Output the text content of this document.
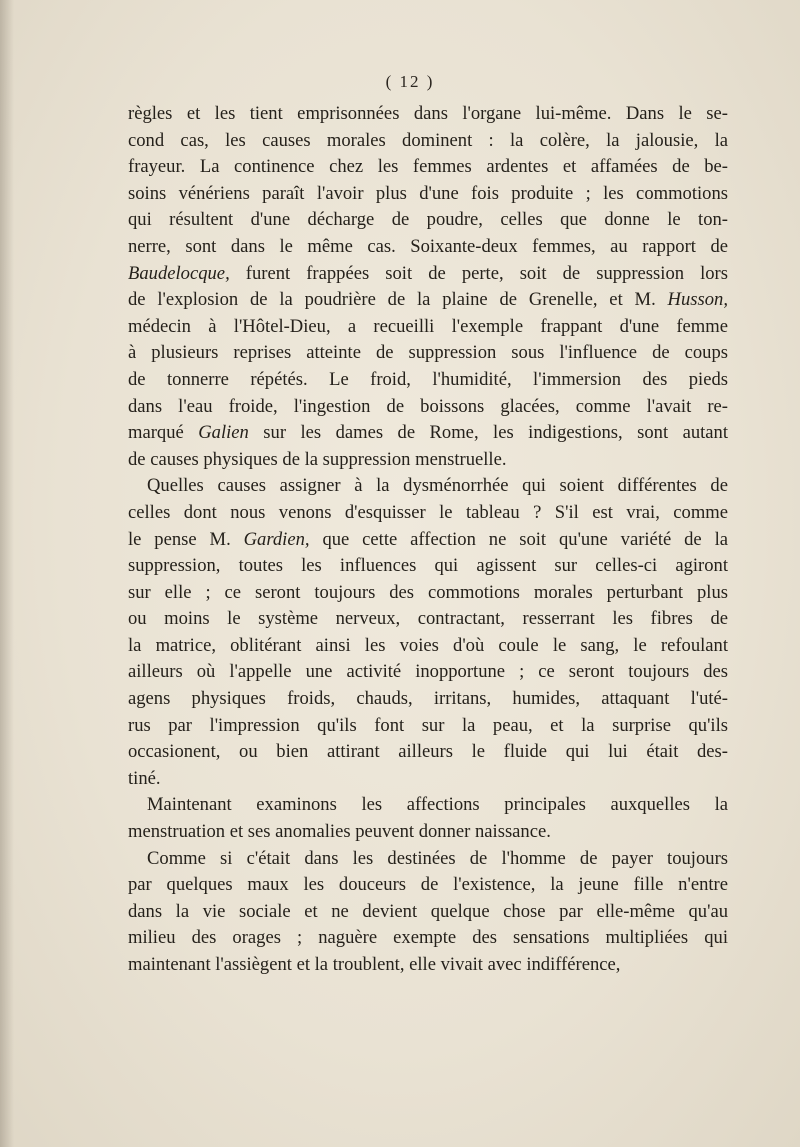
( 12 )

règles et les tient emprisonnées dans l'organe lui-même. Dans le se-
cond cas, les causes morales dominent : la colère, la jalousie, la
frayeur. La continence chez les femmes ardentes et affamées de be-
soins vénériens paraît l'avoir plus d'une fois produite ; les commotions
qui résultent d'une décharge de poudre, celles que donne le ton-
nerre, sont dans le même cas. Soixante-deux femmes, au rapport de
Baudelocque, furent frappées soit de perte, soit de suppression lors
de l'explosion de la poudrière de la plaine de Grenelle, et M. Husson,
médecin à l'Hôtel-Dieu, a recueilli l'exemple frappant d'une femme
à plusieurs reprises atteinte de suppression sous l'influence de coups
de tonnerre répétés. Le froid, l'humidité, l'immersion des pieds
dans l'eau froide, l'ingestion de boissons glacées, comme l'avait re-
marqué Galien sur les dames de Rome, les indigestions, sont autant
de causes physiques de la suppression menstruelle.

Quelles causes assigner à la dysménorrhée qui soient différentes de
celles dont nous venons d'esquisser le tableau ? S'il est vrai, comme
le pense M. Gardien, que cette affection ne soit qu'une variété de la
suppression, toutes les influences qui agissent sur celles-ci agiront
sur elle ; ce seront toujours des commotions morales perturbant plus
ou moins le système nerveux, contractant, resserrant les fibres de
la matrice, oblitérant ainsi les voies d'où coule le sang, le refoulant
ailleurs où l'appelle une activité inopportune ; ce seront toujours des
agens physiques froids, chauds, irritans, humides, attaquant l'uté-
rus par l'impression qu'ils font sur la peau, et la surprise qu'ils
occasionent, ou bien attirant ailleurs le fluide qui lui était des-
tiné.

Maintenant examinons les affections principales auxquelles la
menstruation et ses anomalies peuvent donner naissance.

Comme si c'était dans les destinées de l'homme de payer toujours
par quelques maux les douceurs de l'existence, la jeune fille n'entre
dans la vie sociale et ne devient quelque chose par elle-même qu'au
milieu des orages ; naguère exempte des sensations multipliées qui
maintenant l'assiègent et la troublent, elle vivait avec indifférence,
